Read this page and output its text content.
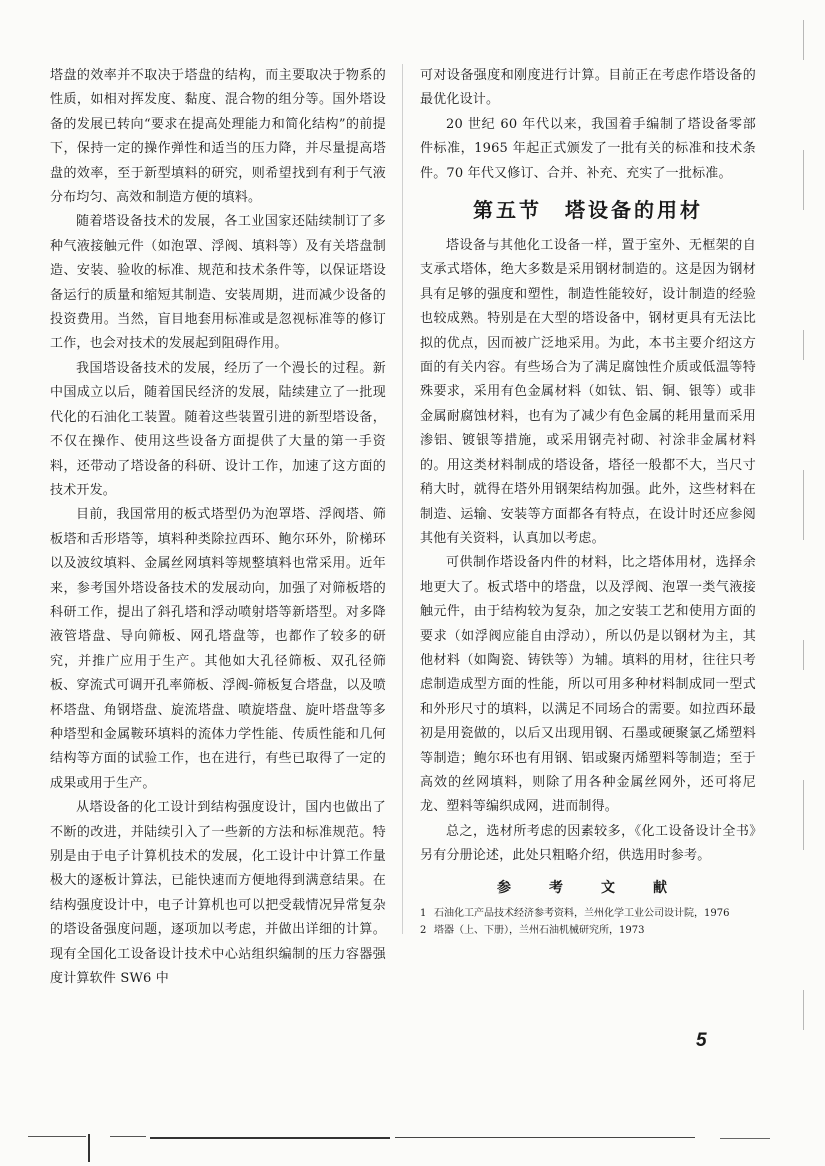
塔盘的效率并不取决于塔盘的结构，而主要取决于物系的性质，如相对挥发度、黏度、混合物的组分等。国外塔设备的发展已转向“要求在提高处理能力和简化结构”的前提下，保持一定的操作弹性和适当的压力降，并尽量提高塔盘的效率，至于新型填料的研究，则希望找到有利于气液分布均匀、高效和制造方便的填料。

随着塔设备技术的发展，各工业国家还陆续制订了多种气液接触元件（如泡罩、浮阀、填料等）及有关塔盘制造、安装、验收的标准、规范和技术条件等，以保证塔设备运行的质量和缩短其制造、安装周期，进而减少设备的投资费用。当然，盲目地套用标准或是忽视标准等的修订工作，也会对技术的发展起到阻碍作用。

我国塔设备技术的发展，经历了一个漫长的过程。新中国成立以后，随着国民经济的发展，陆续建立了一批现代化的石油化工装置。随着这些装置引进的新型塔设备，不仅在操作、使用这些设备方面提供了大量的第一手资料，还带动了塔设备的科研、设计工作，加速了这方面的技术开发。

目前，我国常用的板式塔型仍为泡罩塔、浮阀塔、筛板塔和舌形塔等，填料种类除拉西环、鲍尔环外，阶梯环以及波纹填料、金属丝网填料等规整填料也常采用。近年来，参考国外塔设备技术的发展动向，加强了对筛板塔的科研工作，提出了斜孔塔和浮动喷射塔等新塔型。对多降液管塔盘、导向筛板、网孔塔盘等，也都作了较多的研究，并推广应用于生产。其他如大孔径筛板、双孔径筛板、穿流式可调开孔率筛板、浮阀-筛板复合塔盘，以及喷杯塔盘、角钢塔盘、旋流塔盘、喷旋塔盘、旋叶塔盘等多种塔型和金属鞍环填料的流体力学性能、传质性能和几何结构等方面的试验工作，也在进行，有些已取得了一定的成果或用于生产。

从塔设备的化工设计到结构强度设计，国内也做出了不断的改进，并陆续引入了一些新的方法和标准规范。特别是由于电子计算机技术的发展，化工设计中计算工作量极大的逐板计算法，已能快速而方便地得到满意结果。在结构强度设计中，电子计算机也可以把受载情况异常复杂的塔设备强度问题，逐项加以考虑，并做出详细的计算。现有全国化工设备设计技术中心站组织编制的压力容器强度计算软件 SW6 中

可对设备强度和刚度进行计算。目前正在考虑作塔设备的最优化设计。

20 世纪 60 年代以来，我国着手编制了塔设备零部件标准，1965 年起正式颁发了一批有关的标准和技术条件。70 年代又修订、合并、补充、充实了一批标准。

第五节　塔设备的用材

塔设备与其他化工设备一样，置于室外、无框架的自支承式塔体，绝大多数是采用钢材制造的。这是因为钢材具有足够的强度和塑性，制造性能较好，设计制造的经验也较成熟。特别是在大型的塔设备中，钢材更具有无法比拟的优点，因而被广泛地采用。为此，本书主要介绍这方面的有关内容。有些场合为了满足腐蚀性介质或低温等特殊要求，采用有色金属材料（如钛、铝、铜、银等）或非金属耐腐蚀材料，也有为了减少有色金属的耗用量而采用渗铝、镀银等措施，或采用钢壳衬砌、衬涂非金属材料的。用这类材料制成的塔设备，塔径一般都不大，当尺寸稍大时，就得在塔外用钢架结构加强。此外，这些材料在制造、运输、安装等方面都各有特点，在设计时还应参阅其他有关资料，认真加以考虑。

可供制作塔设备内件的材料，比之塔体用材，选择余地更大了。板式塔中的塔盘，以及浮阀、泡罩一类气液接触元件，由于结构较为复杂，加之安装工艺和使用方面的要求（如浮阀应能自由浮动），所以仍是以钢材为主，其他材料（如陶瓷、铸铁等）为辅。填料的用材，往往只考虑制造成型方面的性能，所以可用多种材料制成同一型式和外形尺寸的填料，以满足不同场合的需要。如拉西环最初是用瓷做的，以后又出现用钢、石墨或硬聚氯乙烯塑料等制造；鲍尔环也有用钢、铝或聚丙烯塑料等制造；至于高效的丝网填料，则除了用各种金属丝网外，还可将尼龙、塑料等编织成网，进而制得。

总之，选材所考虑的因素较多，《化工设备设计全书》另有分册论述，此处只粗略介绍，供选用时参考。

参　考　文　献
1 石油化工产品技术经济参考资料，兰州化学工业公司设计院，1976
2 塔器（上、下册），兰州石油机械研究所，1973
5
